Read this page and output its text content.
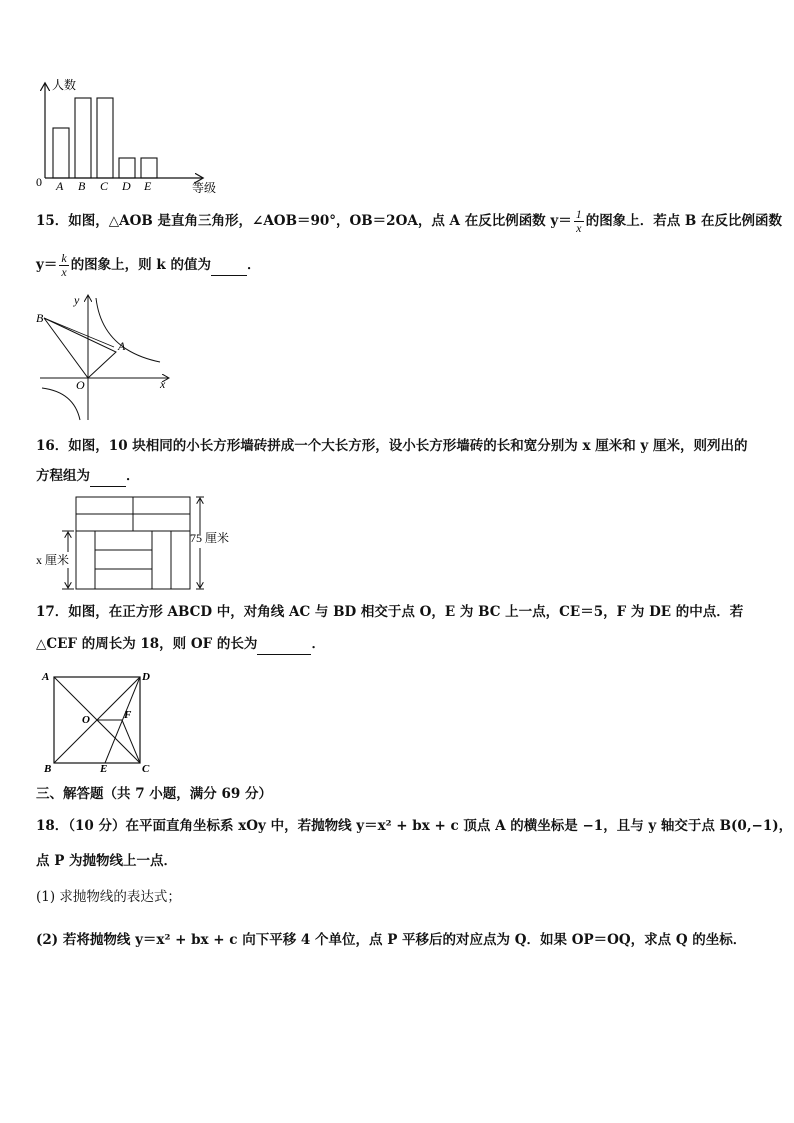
人数
等级
0 A B C D E
15．如图，△AOB 是直角三角形，∠AOB＝90°，OB＝2OA，点 A 在反比例函数 $y= \frac{1}{x}$ 的图象上．若点 B 在反比例函数
$y= \frac{k}{x}$ 的图象上，则 k 的值为	．
y
x
O
A
B
16．如图，10 块相同的小长方形墙砖拼成一个大长方形，设小长方形墙砖的长和宽分别为 x 厘米和 y 厘米，则列出的
方程组为	．
75 厘米
x 厘米
17．如图，在正方形 ABCD 中，对角线 AC 与 BD 相交于点 O，E 为 BC 上一点，CE＝5，F 为 DE 的中点．若
△CEF 的周长为 18，则 OF 的长为	．
A	D
B	C
E
F
O
三、解答题（共 7 小题，满分 69 分）
18．（10 分）在平面直角坐标系 xOy 中，若抛物线 y＝x² + bx + c 顶点 A 的横坐标是 −1，且与 y 轴交于点 B(0,−1)，
点 P 为抛物线上一点．
(1) 求抛物线的表达式；
(2) 若将抛物线 y＝x² + bx + c 向下平移 4 个单位，点 P 平移后的对应点为 Q．如果 OP＝OQ，求点 Q 的坐标．
